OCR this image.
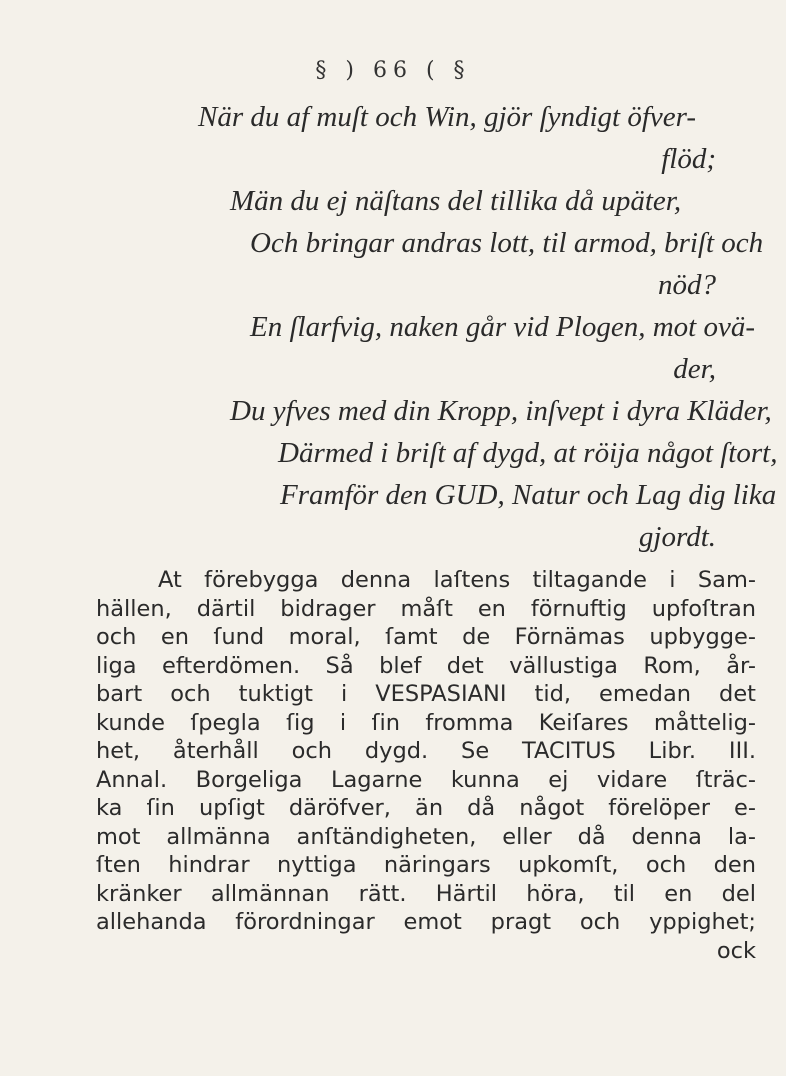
§ ) 66 ( §
När du af muſt och Win, gjör ſyndigt öfver-
flöd;
Män du ej näſtans del tillika då upäter,
Och bringar andras lott, til armod, briſt och
nöd?
En ſlarfvig, naken går vid Plogen, mot ovä-
der,
Du yfves med din Kropp, inſvept i dyra Kläder,
Därmed i briſt af dygd, at röija något ſtort,
Framför den GUD, Natur och Lag dig lika
gjordt.
At förebygga denna laſtens tiltagande i Sam-
hällen, därtil bidrager måſt en förnuftig upfoſtran
och en ſund moral, ſamt de Förnämas upbygge-
liga efterdömen. Så blef det vällustiga Rom, år-
bart och tuktigt i VESPASIANI tid, emedan det
kunde ſpegla ſig i ſin fromma Keiſares måttelig-
het, återhåll och dygd. Se TACITUS Libr. III.
Annal. Borgeliga Lagarne kunna ej vidare ſträc-
ka ſin upſigt däröfver, än då något förelöper e-
mot allmänna anſtändigheten, eller då denna la-
ſten hindrar nyttiga näringars upkomſt, och den
kränker allmännan rätt. Härtil höra, til en del
allehanda förordningar emot pragt och yppighet;
ock
